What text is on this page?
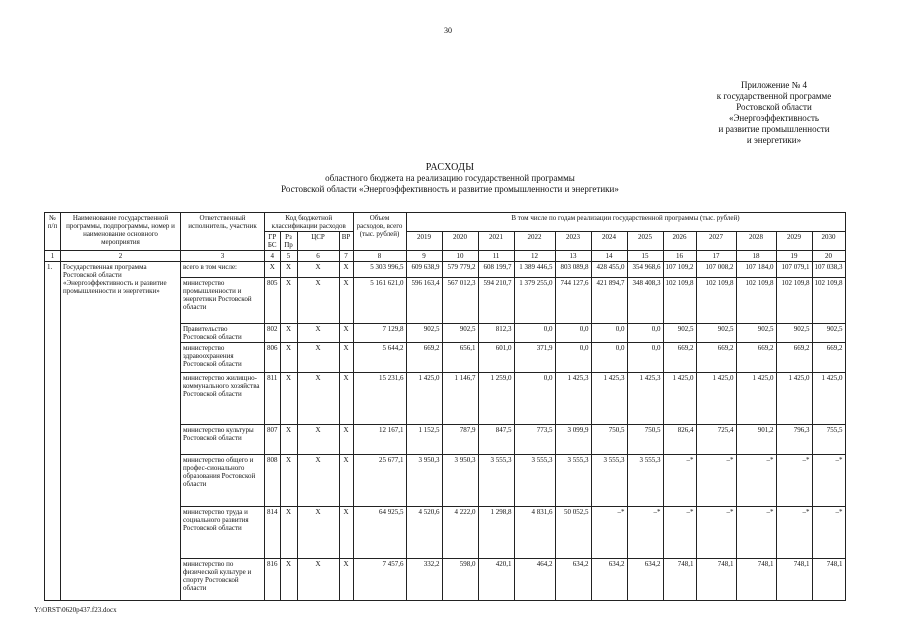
30
Приложение № 4
к государственной программе
Ростовской области
«Энергоэффективность
и развитие промышленности
и энергетики»
РАСХОДЫ
областного бюджета на реализацию государственной программы
Ростовской области «Энергоэффективность и развитие промышленности и энергетики»
№ п/п	Наименование государственной программы, подпрограммы, номер и наименование основного мероприятия	Ответственный исполнитель, участник	Код бюджетной классификации расходов				Объем расходов, всего (тыс. рублей)	В том числе по годам реализации государственной программы (тыс. рублей)											
			ГР БС	Рз Пр	ЦСР	ВР		2019	2020	2021	2022	2023	2024	2025	2026	2027	2028	2029	2030
1	2	3	4	5	6	7	8	9	10	11	12	13	14	15	16	17	18	19	20
1.	Государственная программа Ростовской области «Энергоэффективность и развитие промышленности и энергетики»	всего в том числе:	X	X	X	X	5 303 996,5	609 638,9	579 779,2	608 199,7	1 389 446,5	803 089,8	428 455,0	354 968,6	107 109,2	107 008,2	107 184,0	107 079,1	107 038,3
		министерство промышленности и энергетики Ростовской области	805	X	X	X	5 161 621,0	596 163,4	567 012,3	594 210,7	1 379 255,0	744 127,6	421 894,7	348 408,3	102 109,8	102 109,8	102 109,8	102 109,8	102 109,8
		Правительство Ростовской области	802	X	X	X	7 129,8	902,5	902,5	812,3	0,0	0,0	0,0	0,0	902,5	902,5	902,5	902,5	902,5
		министерство здравоохранения Ростовской области	806	X	X	X	5 644,2	669,2	656,1	601,0	371,9	0,0	0,0	0,0	669,2	669,2	669,2	669,2	669,2
		министерство жилищно-коммунального хозяйства Ростовской области	811	X	X	X	15 231,6	1 425,0	1 146,7	1 259,0	0,0	1 425,3	1 425,3	1 425,3	1 425,0	1 425,0	1 425,0	1 425,0	1 425,0
		министерство культуры Ростовской области	807	X	X	X	12 167,1	1 152,5	787,9	847,5	773,5	3 099,9	750,5	750,5	826,4	725,4	901,2	796,3	755,5
		министерство общего и профес-сионального образования Ростовской области	808	X	X	X	25 677,1	3 950,3	3 950,3	3 555,3	3 555,3	3 555,3	3 555,3	3 555,3	–*	–*	–*	–*	–*
		министерство труда и социального развития Ростовской области	814	X	X	X	64 925,5	4 520,6	4 222,0	1 298,8	4 831,6	50 052,5	–*	–*	–*	–*	–*	–*	–*
		министерство по физической культуре и спорту Ростовской области	816	X	X	X	7 457,6	332,2	598,0	420,1	464,2	634,2	634,2	634,2	748,1	748,1	748,1	748,1	748,1
Y:\ORST\0620p437.f23.docx
